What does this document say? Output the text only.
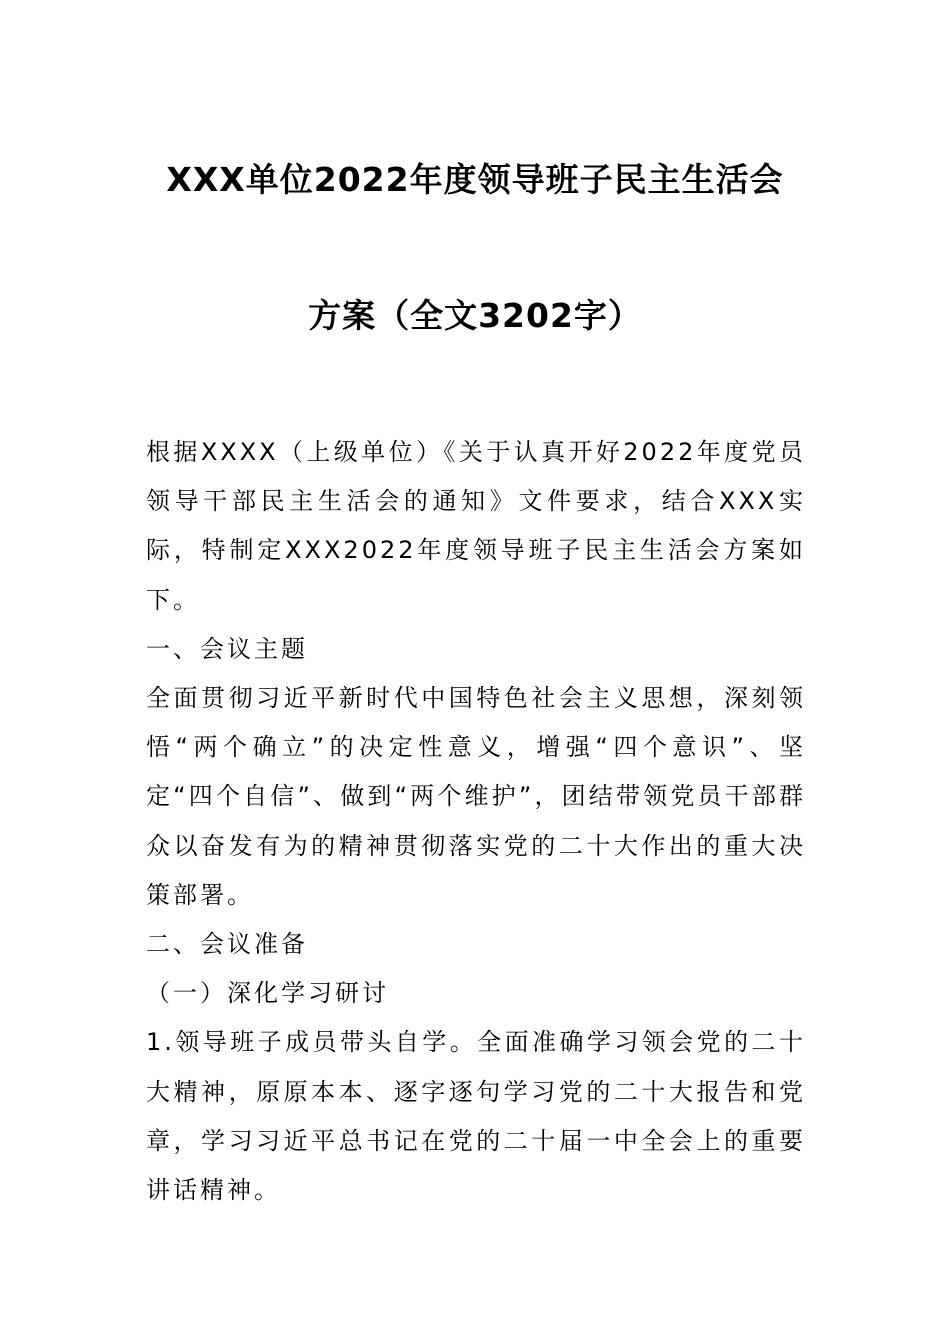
XXX单位2022年度领导班子民主生活会
方案（全文3202字）

根据XXXX（上级单位）《关于认真开好2022年度党员领导干部民主生活会的通知》文件要求，结合XXX实际，特制定XXX2022年度领导班子民主生活会方案如下。

一、会议主题

全面贯彻习近平新时代中国特色社会主义思想，深刻领悟“两个确立”的决定性意义，增强“四个意识”、坚定“四个自信”、做到“两个维护”，团结带领党员干部群众以奋发有为的精神贯彻落实党的二十大作出的重大决策部署。

二、会议准备

（一）深化学习研讨

1.领导班子成员带头自学。全面准确学习领会党的二十大精神，原原本本、逐字逐句学习党的二十大报告和党章，学习习近平总书记在党的二十届一中全会上的重要讲话精神。
